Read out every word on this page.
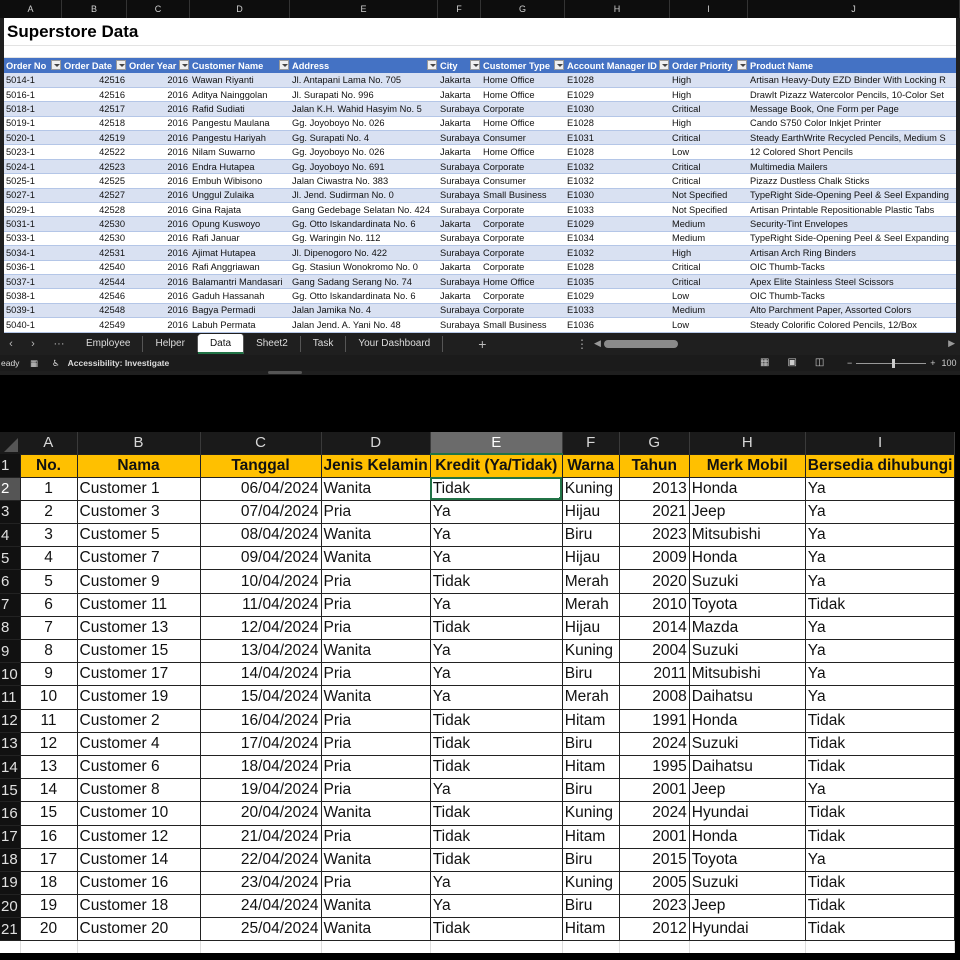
A	B	C	D	E	F	G	H	I	J
Superstore Data
Order No	Order Date	Order Year	Customer Name	Address	City	Customer Type	Account Manager ID	Order Priority	Product Name
5014-1	42516	2016	Wawan Riyanti	Jl. Antapani Lama No. 705	Jakarta	Home Office	E1028	High	Artisan Heavy-Duty EZD Binder With Locking R
5016-1	42516	2016	Aditya Nainggolan	Jl. Surapati No. 996	Jakarta	Home Office	E1029	High	DrawIt Pizazz Watercolor Pencils, 10-Color Set
5018-1	42517	2016	Rafid Sudiati	Jalan K.H. Wahid Hasyim No. 5	Surabaya	Corporate	E1030	Critical	Message Book, One Form per Page
5019-1	42518	2016	Pangestu Maulana	Gg. Joyoboyo No. 026	Jakarta	Home Office	E1028	High	Cando S750 Color Inkjet Printer
5020-1	42519	2016	Pangestu Hariyah	Gg. Surapati No. 4	Surabaya	Consumer	E1031	Critical	Steady EarthWrite Recycled Pencils, Medium S
5023-1	42522	2016	Nilam Suwarno	Gg. Joyoboyo No. 026	Jakarta	Home Office	E1028	Low	12 Colored Short Pencils
5024-1	42523	2016	Endra Hutapea	Gg. Joyoboyo No. 691	Surabaya	Corporate	E1032	Critical	Multimedia Mailers
5025-1	42525	2016	Embuh Wibisono	Jalan Ciwastra No. 383	Surabaya	Consumer	E1032	Critical	Pizazz Dustless Chalk Sticks
5027-1	42527	2016	Unggul Zulaika	Jl. Jend. Sudirman No. 0	Surabaya	Small Business	E1030	Not Specified	TypeRight Side-Opening Peel & Seel Expanding
5029-1	42528	2016	Gina Rajata	Gang Gedebage Selatan No. 424	Surabaya	Corporate	E1033	Not Specified	Artisan Printable Repositionable Plastic Tabs
5031-1	42530	2016	Opung Kuswoyo	Gg. Otto Iskandardinata No. 6	Jakarta	Corporate	E1029	Medium	Security-Tint Envelopes
5033-1	42530	2016	Rafi Januar	Gg. Waringin No. 112	Surabaya	Corporate	E1034	Medium	TypeRight Side-Opening Peel & Seel Expanding
5034-1	42531	2016	Ajimat Hutapea	Jl. Dipenogoro No. 422	Surabaya	Corporate	E1032	High	Artisan Arch Ring Binders
5036-1	42540	2016	Rafi Anggriawan	Gg. Stasiun Wonokromo No. 0	Jakarta	Corporate	E1028	Critical	OIC Thumb-Tacks
5037-1	42544	2016	Balamantri Mandasari	Gang Sadang Serang No. 74	Surabaya	Home Office	E1035	Critical	Apex Elite Stainless Steel Scissors
5038-1	42546	2016	Gaduh Hassanah	Gg. Otto Iskandardinata No. 6	Jakarta	Corporate	E1029	Low	OIC Thumb-Tacks
5039-1	42548	2016	Bagya Permadi	Jalan Jamika No. 4	Surabaya	Corporate	E1033	Medium	Alto Parchment Paper, Assorted Colors
5040-1	42549	2016	Labuh Permata	Jalan Jend. A. Yani No. 48	Surabaya	Small Business	E1036	Low	Steady Colorific Colored Pencils, 12/Box
‹	›	···	Employee	Helper	Data	Sheet2	Task	Your Dashboard	+	⋮ ◀	▶
eady	▦ ♿ Accessibility: Investigate	▦ ▣ ◫	−	+ 100
	A	B	C	D	E	F	G	H	I
1	No.	Nama	Tanggal	Jenis Kelamin	Kredit (Ya/Tidak)	Warna	Tahun	Merk Mobil	Bersedia dihubungi
2	1	Customer 1	06/04/2024	Wanita	Tidak	Kuning	2013	Honda	Ya
3	2	Customer 3	07/04/2024	Pria	Ya	Hijau	2021	Jeep	Ya
4	3	Customer 5	08/04/2024	Wanita	Ya	Biru	2023	Mitsubishi	Ya
5	4	Customer 7	09/04/2024	Wanita	Ya	Hijau	2009	Honda	Ya
6	5	Customer 9	10/04/2024	Pria	Tidak	Merah	2020	Suzuki	Ya
7	6	Customer 11	11/04/2024	Pria	Ya	Merah	2010	Toyota	Tidak
8	7	Customer 13	12/04/2024	Pria	Tidak	Hijau	2014	Mazda	Ya
9	8	Customer 15	13/04/2024	Wanita	Ya	Kuning	2004	Suzuki	Ya
10	9	Customer 17	14/04/2024	Pria	Ya	Biru	2011	Mitsubishi	Ya
11	10	Customer 19	15/04/2024	Wanita	Ya	Merah	2008	Daihatsu	Ya
12	11	Customer 2	16/04/2024	Pria	Tidak	Hitam	1991	Honda	Tidak
13	12	Customer 4	17/04/2024	Pria	Tidak	Biru	2024	Suzuki	Tidak
14	13	Customer 6	18/04/2024	Pria	Tidak	Hitam	1995	Daihatsu	Tidak
15	14	Customer 8	19/04/2024	Pria	Ya	Biru	2001	Jeep	Ya
16	15	Customer 10	20/04/2024	Wanita	Tidak	Kuning	2024	Hyundai	Tidak
17	16	Customer 12	21/04/2024	Pria	Tidak	Hitam	2001	Honda	Tidak
18	17	Customer 14	22/04/2024	Wanita	Tidak	Biru	2015	Toyota	Ya
19	18	Customer 16	23/04/2024	Pria	Ya	Kuning	2005	Suzuki	Tidak
20	19	Customer 18	24/04/2024	Wanita	Ya	Biru	2023	Jeep	Tidak
21	20	Customer 20	25/04/2024	Wanita	Tidak	Hitam	2012	Hyundai	Tidak
